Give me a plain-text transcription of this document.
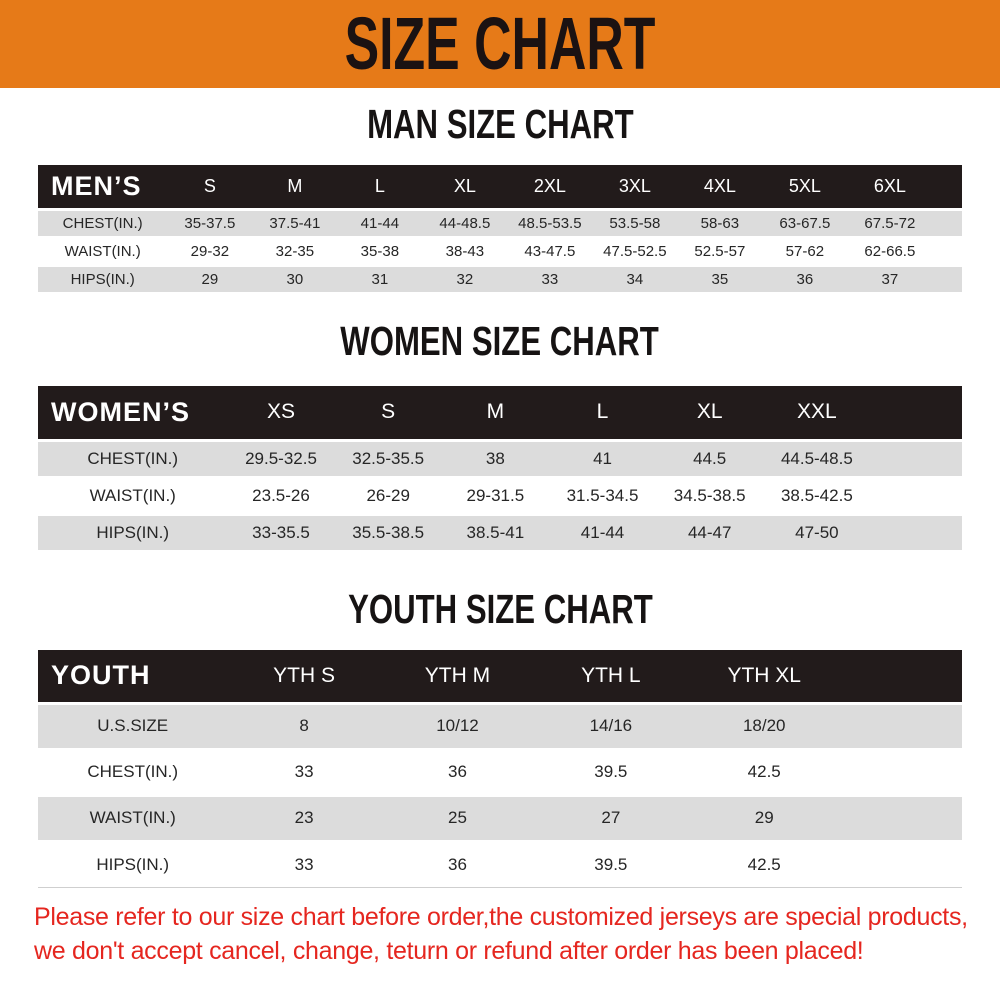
SIZE CHART
MAN SIZE CHART
MEN’S	S	M	L	XL	2XL	3XL	4XL	5XL	6XL	
CHEST(IN.)	35-37.5	37.5-41	41-44	44-48.5	48.5-53.5	53.5-58	58-63	63-67.5	67.5-72	
WAIST(IN.)	29-32	32-35	35-38	38-43	43-47.5	47.5-52.5	52.5-57	57-62	62-66.5	
HIPS(IN.)	29	30	31	32	33	34	35	36	37	
WOMEN SIZE CHART
WOMEN’S	XS	S	M	L	XL	XXL	
CHEST(IN.)	29.5-32.5	32.5-35.5	38	41	44.5	44.5-48.5	
WAIST(IN.)	23.5-26	26-29	29-31.5	31.5-34.5	34.5-38.5	38.5-42.5	
HIPS(IN.)	33-35.5	35.5-38.5	38.5-41	41-44	44-47	47-50	
YOUTH SIZE CHART
YOUTH	YTH S	YTH M	YTH L	YTH XL	
U.S.SIZE	8	10/12	14/16	18/20	
CHEST(IN.)	33	36	39.5	42.5	
WAIST(IN.)	23	25	27	29	
HIPS(IN.)	33	36	39.5	42.5	

Please refer to our size chart before order,the customized jerseys are special products,
we don't accept cancel, change, teturn or refund after order has been placed!
